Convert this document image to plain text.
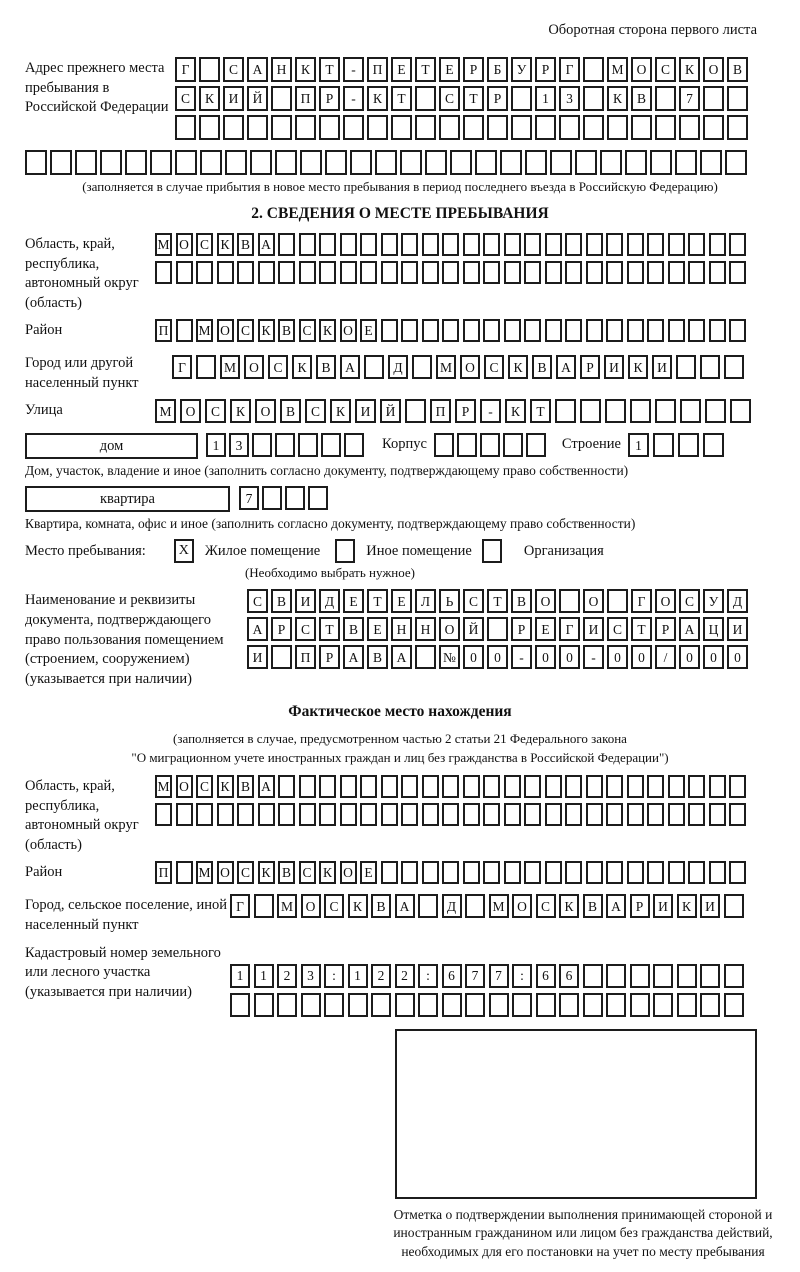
Оборотная сторона первого листа
Адрес прежнего места пребывания в Российской Федерации
Г	С	А	Н	К	Т	-	П	Е	Т	Е	Р	Б	У	Р	Г	М О	С	К	О	В
С	К	И	Й	П	Р	-	К	Т	С	Т	Р	1	3	К	В	7
(заполняется в случае прибытия в новое место пребывания в период последнего въезда в Российскую Федерацию)
2. СВЕДЕНИЯ О МЕСТЕ ПРЕБЫВАНИЯ
Область, край, республика, автономный округ (область)
М О С К В А
Район	П М О С К В С К О Е
Город или другой населенный пункт
Г	М О	С	К	В	А	Д	М О	С	К	В	А	Р	И	К	И
Улица	М	О	С	К	О	В	С	К	И	Й	П	Р	-	К	Т
дом	1	3	Корпус	Строение	1
Дом, участок, владение и иное (заполнить согласно документу, подтверждающему право собственности)
квартира	7
Квартира, комната, офис и иное (заполнить согласно документу, подтверждающему право собственности)
Место пребывания:	X	Жилое помещение	Иное помещение	Организация
(Необходимо выбрать нужное)
Наименование и реквизиты документа, подтверждающего право пользования помещением (строением, сооружением) (указывается при наличии)
С	В	И	Д	Е	Т	Е	Л	Ь	С	Т	В	О	О	Г	О	С	У	Д
А	Р	С	Т	В	Е	Н	Н	О	Й	Р	Е	Г	И	С	Т	Р	А	Ц	И
И	П	Р	А	В	А	№	0	0	-	0	0	-	0	0	/	0	0	0
Фактическое место нахождения
(заполняется в случае, предусмотренном частью 2 статьи 21 Федерального закона
"О миграционном учете иностранных граждан и лиц без гражданства в Российской Федерации")
Область, край, республика, автономный округ (область)
М О С К В А
Район	П М О С К В С К О Е
Город, сельское поселение, иной населенный пункт
Г	М О	С	К	В	А	Д	М О	С	К	В	А	Р	И	К	И
Кадастровый номер земельного или лесного участка (указывается при наличии)
1	1	2	3	:	1	2	2	:	6	7	7	:	6	6
Отметка о подтверждении выполнения принимающей стороной и иностранным гражданином или лицом без гражданства действий, необходимых для его постановки на учет по месту пребывания
